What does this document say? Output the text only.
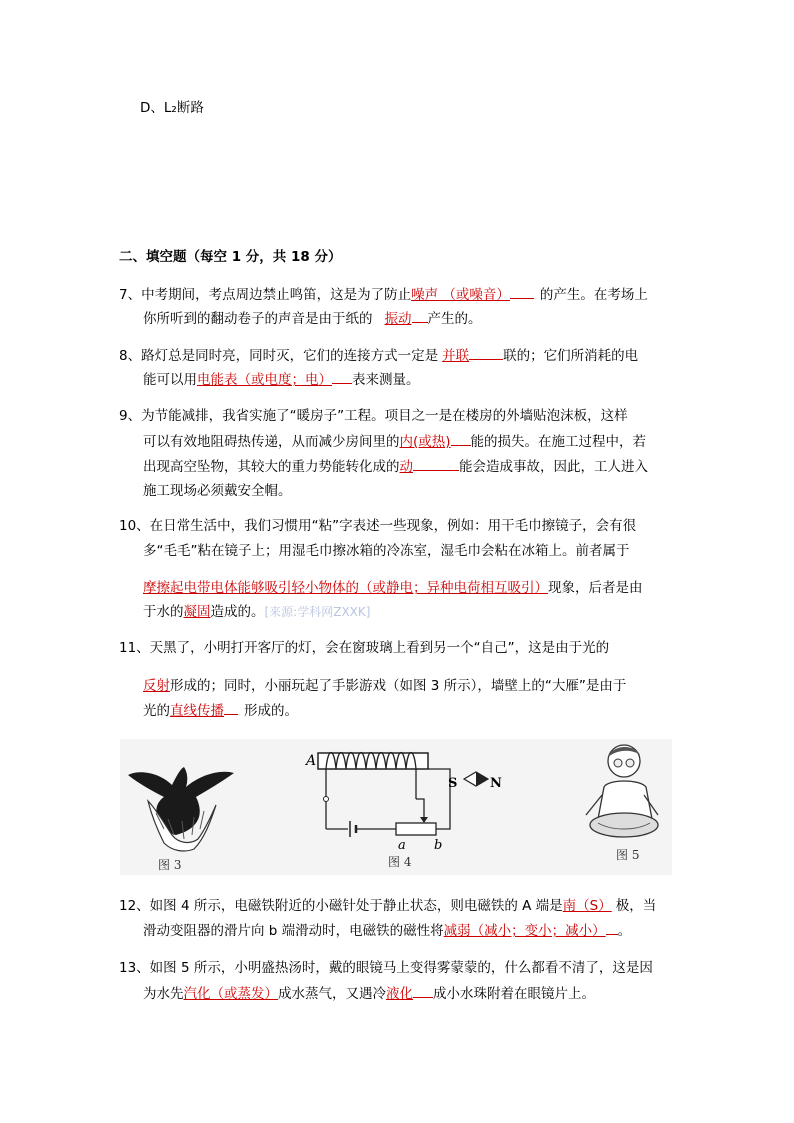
D、L₂断路
二、填空题（每空 1 分，共 18 分）
7、中考期间，考点周边禁止鸣笛，这是为了防止噪声 （或噪音） 的产生。在考场上
你所听到的翻动卷子的声音是由于纸的 振动 产生的。
8、路灯总是同时亮，同时灭，它们的连接方式一定是 并联	联的；它们所消耗的电
能可以用电能表（或电度；电） 表来测量。
9、为节能减排，我省实施了“暖房子”工程。项目之一是在楼房的外墙贴泡沫板，这样
可以有效地阻碍热传递，从而减少房间里的内(或热) 能的损失。在施工过程中，若
出现高空坠物，其较大的重力势能转化成的动	能会造成事故，因此，工人进入
施工现场必须戴安全帽。
10、在日常生活中，我们习惯用“粘”字表述一些现象，例如：用干毛巾擦镜子，会有很
多“毛毛”粘在镜子上；用湿毛巾擦冰箱的冷冻室，湿毛巾会粘在冰箱上。前者属于
摩擦起电带电体能够吸引轻小物体的（或静电；异种电荷相互吸引）现象，后者是由
于水的凝固造成的。[来源:学科网ZXXK]
11、天黑了，小明打开客厅的灯，会在窗玻璃上看到另一个“自己”，这是由于光的
反射形成的；同时，小丽玩起了手影游戏（如图 3 所示），墙壁上的“大雁”是由于
光的直线传播 形成的。
图 3
A
a b
S	N
图 4	图 5
12、如图 4 所示，电磁铁附近的小磁针处于静止状态，则电磁铁的 A 端是南（S） 极，当
滑动变阻器的滑片向 b 端滑动时，电磁铁的磁性将减弱（减小；变小；减小） 。
13、如图 5 所示，小明盛热汤时，戴的眼镜马上变得雾蒙蒙的，什么都看不清了，这是因
为水先汽化（或蒸发）成水蒸气，又遇冷液化 成小水珠附着在眼镜片上。
